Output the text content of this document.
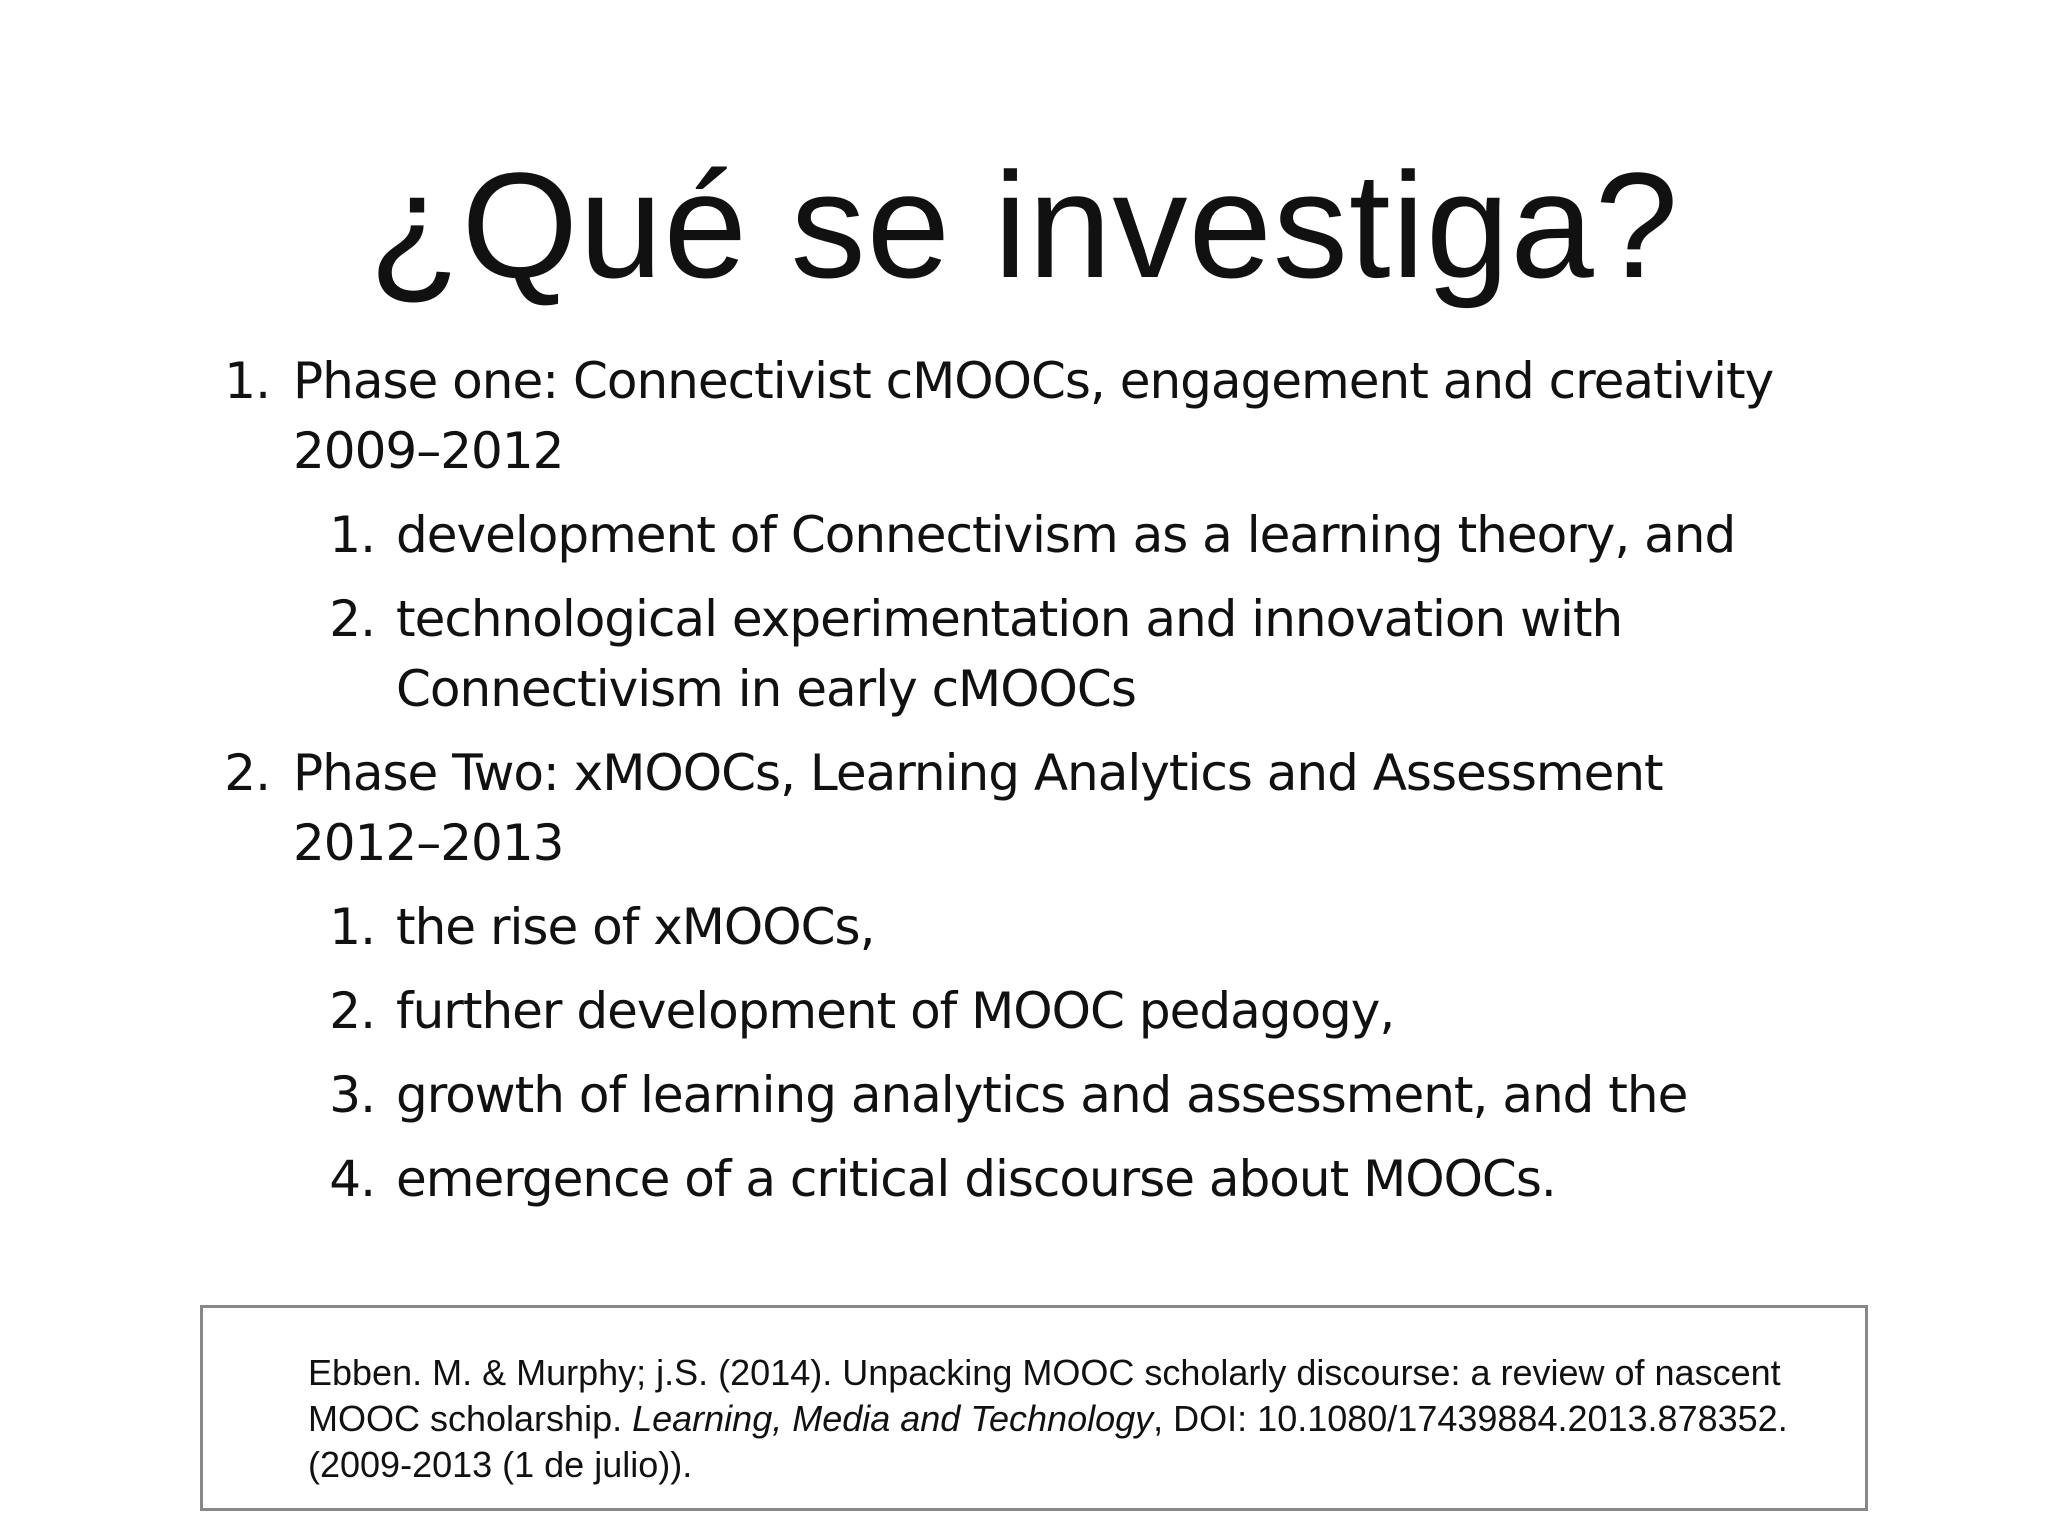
¿Qué se investiga?
1. Phase one: Connectivist cMOOCs, engagement and creativity
2009–2012
1. development of Connectivism as a learning theory, and
2. technological experimentation and innovation with
Connectivism in early cMOOCs
2. Phase Two: xMOOCs, Learning Analytics and Assessment
2012–2013
1. the rise of xMOOCs,
2. further development of MOOC pedagogy,
3. growth of learning analytics and assessment, and the
4. emergence of a critical discourse about MOOCs.
Ebben. M. & Murphy; j.S. (2014). Unpacking MOOC scholarly discourse: a review of nascent MOOC scholarship. Learning, Media and Technology, DOI: 10.1080/17439884.2013.878352. (2009-2013 (1 de julio)).
